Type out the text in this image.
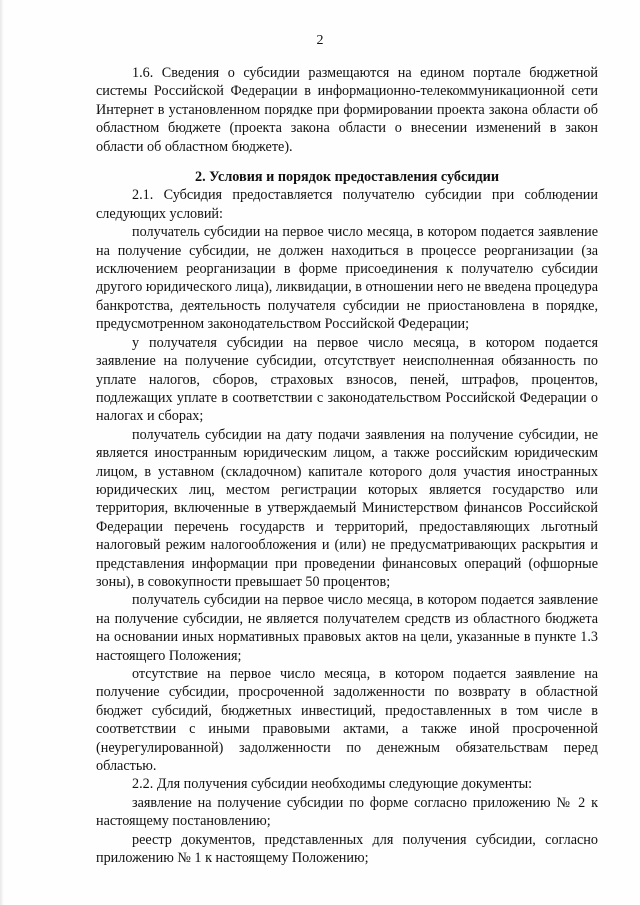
2

1.6. Сведения о субсидии размещаются на едином портале бюджетной системы Российской Федерации в информационно-телекоммуникационной сети Интернет в установленном порядке при формировании проекта закона области об областном бюджете (проекта закона области о внесении изменений в закон области об областном бюджете).

2. Условия и порядок предоставления субсидии

2.1. Субсидия предоставляется получателю субсидии при соблюдении следующих условий:

получатель субсидии на первое число месяца, в котором подается заявление на получение субсидии, не должен находиться в процессе реорганизации (за исключением реорганизации в форме присоединения к получателю субсидии другого юридического лица), ликвидации, в отношении него не введена процедура банкротства, деятельность получателя субсидии не приостановлена в порядке, предусмотренном законодательством Российской Федерации;

у получателя субсидии на первое число месяца, в котором подается заявление на получение субсидии, отсутствует неисполненная обязанность по уплате налогов, сборов, страховых взносов, пеней, штрафов, процентов, подлежащих уплате в соответствии с законодательством Российской Федерации о налогах и сборах;

получатель субсидии на дату подачи заявления на получение субсидии, не является иностранным юридическим лицом, а также российским юридическим лицом, в уставном (складочном) капитале которого доля участия иностранных юридических лиц, местом регистрации которых является государство или территория, включенные в утверждаемый Министерством финансов Российской Федерации перечень государств и территорий, предоставляющих льготный налоговый режим налогообложения и (или) не предусматривающих раскрытия и представления информации при проведении финансовых операций (офшорные зоны), в совокупности превышает 50 процентов;

получатель субсидии на первое число месяца, в котором подается заявление на получение субсидии, не является получателем средств из областного бюджета на основании иных нормативных правовых актов на цели, указанные в пункте 1.3 настоящего Положения;

отсутствие на первое число месяца, в котором подается заявление на получение субсидии, просроченной задолженности по возврату в областной бюджет субсидий, бюджетных инвестиций, предоставленных в том числе в соответствии с иными правовыми актами, а также иной просроченной (неурегулированной) задолженности по денежным обязательствам перед областью.

2.2. Для получения субсидии необходимы следующие документы:

заявление на получение субсидии по форме согласно приложению № 2 к настоящему постановлению;

реестр документов, представленных для получения субсидии, согласно приложению № 1 к настоящему Положению;
